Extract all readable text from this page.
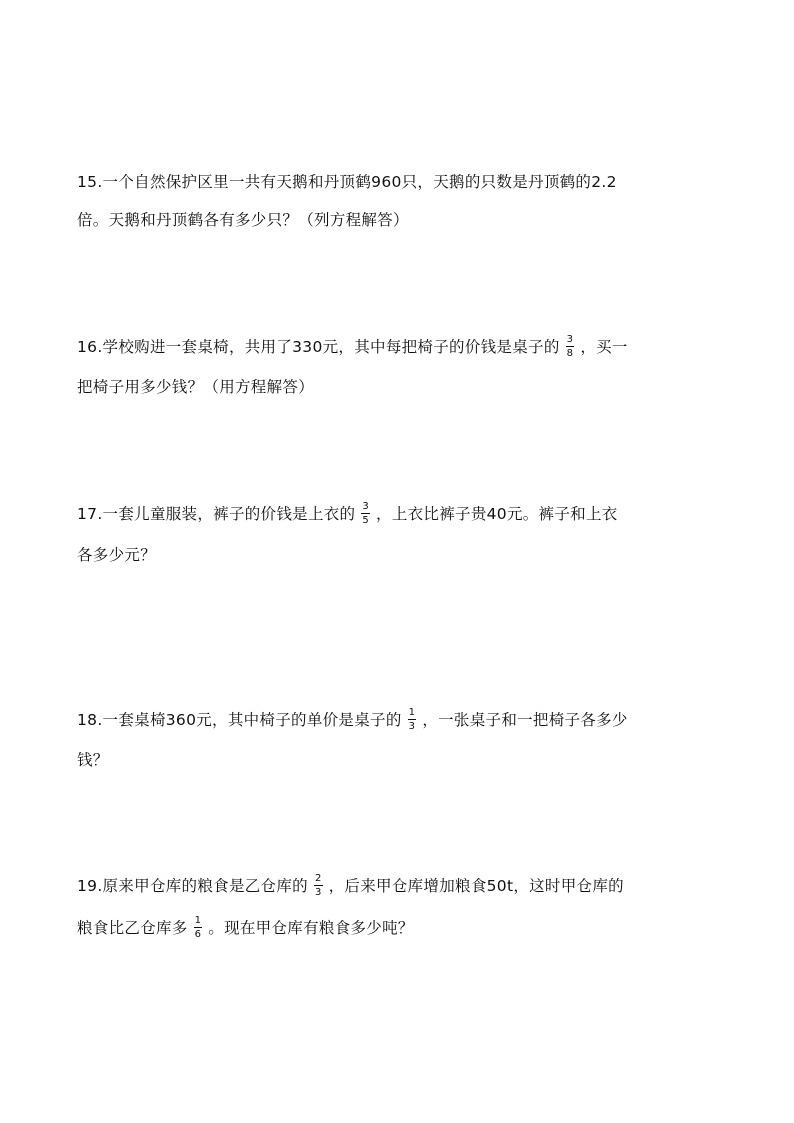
15.一个自然保护区里一共有天鹅和丹顶鹤960只，天鹅的只数是丹顶鹤的2.2
倍。天鹅和丹顶鹤各有多少只？（列方程解答）
16.学校购进一套桌椅，共用了330元，其中每把椅子的价钱是桌子的 $\frac{3}{8}$ ，买一
把椅子用多少钱？（用方程解答）
17.一套儿童服装，裤子的价钱是上衣的 $\frac{3}{5}$ ，上衣比裤子贵40元。裤子和上衣
各多少元？
18.一套桌椅360元，其中椅子的单价是桌子的 $\frac{1}{3}$ ，一张桌子和一把椅子各多少
钱？
19.原来甲仓库的粮食是乙仓库的 $\frac{2}{3}$ ，后来甲仓库增加粮食50t，这时甲仓库的
粮食比乙仓库多 $\frac{1}{6}$ 。现在甲仓库有粮食多少吨？
